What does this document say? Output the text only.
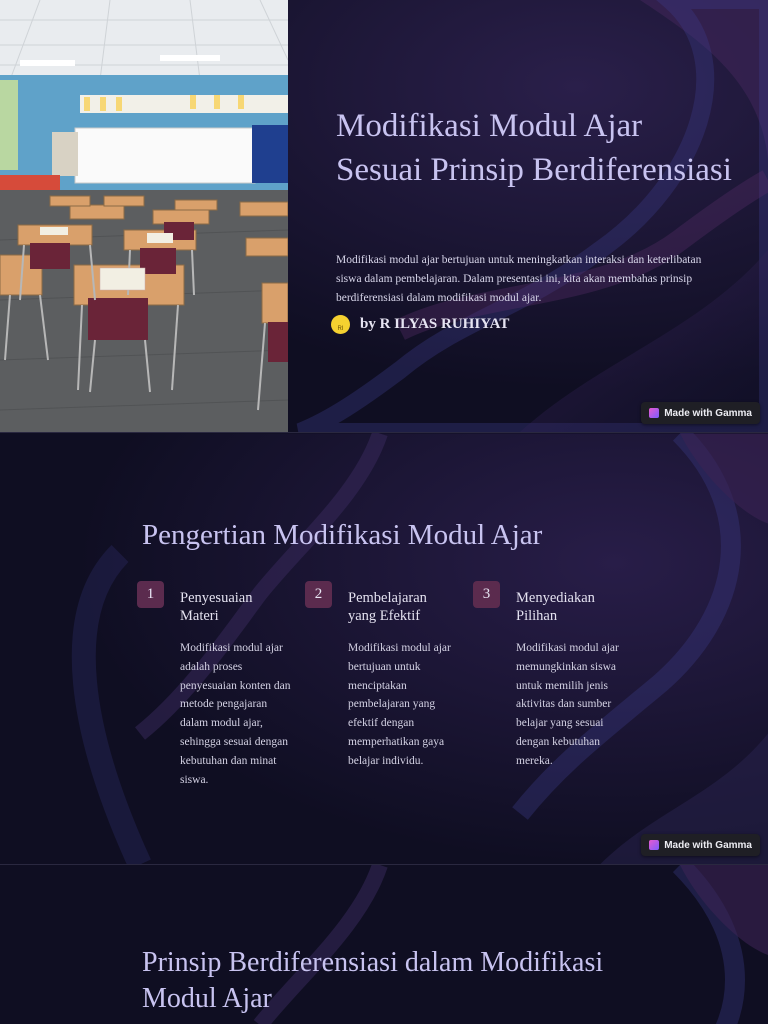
Modifikasi Modul Ajar Sesuai Prinsip Berdiferensiasi

Modifikasi modul ajar bertujuan untuk meningkatkan interaksi dan keterlibatan siswa dalam pembelajaran. Dalam presentasi ini, kita akan membahas prinsip berdiferensiasi dalam modifikasi modul ajar.

RI	by R ILYAS RUHIYAT
Made with Gamma
Pengertian Modifikasi Modul Ajar
1	Penyesuaian Materi

Modifikasi modul ajar adalah proses penyesuaian konten dan metode pengajaran dalam modul ajar, sehingga sesuai dengan kebutuhan dan minat siswa.

2	Pembelajaran yang Efektif

Modifikasi modul ajar bertujuan untuk menciptakan pembelajaran yang efektif dengan memperhatikan gaya belajar individu.

3	Menyediakan Pilihan

Modifikasi modul ajar memungkinkan siswa untuk memilih jenis aktivitas dan sumber belajar yang sesuai dengan kebutuhan mereka.

Made with Gamma
Prinsip Berdiferensiasi dalam Modifikasi Modul Ajar
